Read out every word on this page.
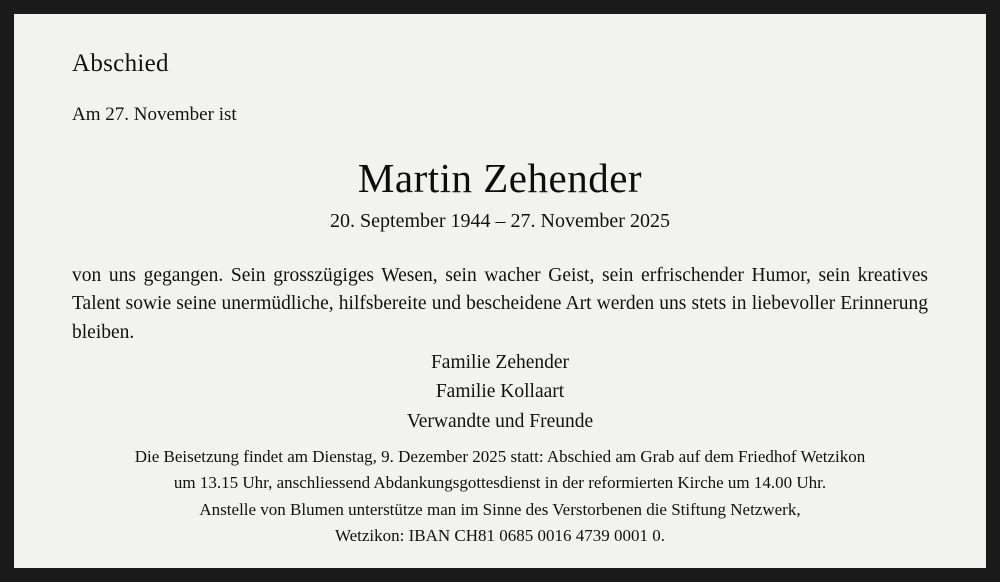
Abschied
Am 27. November ist
Martin Zehender
20. September 1944 – 27. November 2025
von uns gegangen. Sein grosszügiges Wesen, sein wacher Geist, sein erfrischender Humor, sein kreatives Talent sowie seine unermüdliche, hilfsbereite und bescheidene Art werden uns stets in liebevoller Erinnerung bleiben.
Familie Zehender
Familie Kollaart
Verwandte und Freunde
Die Beisetzung findet am Dienstag, 9. Dezember 2025 statt: Abschied am Grab auf dem Friedhof Wetzikon
um 13.15 Uhr, anschliessend Abdankungsgottesdienst in der reformierten Kirche um 14.00 Uhr.
Anstelle von Blumen unterstütze man im Sinne des Verstorbenen die Stiftung Netzwerk,
Wetzikon: IBAN CH81 0685 0016 4739 0001 0.
